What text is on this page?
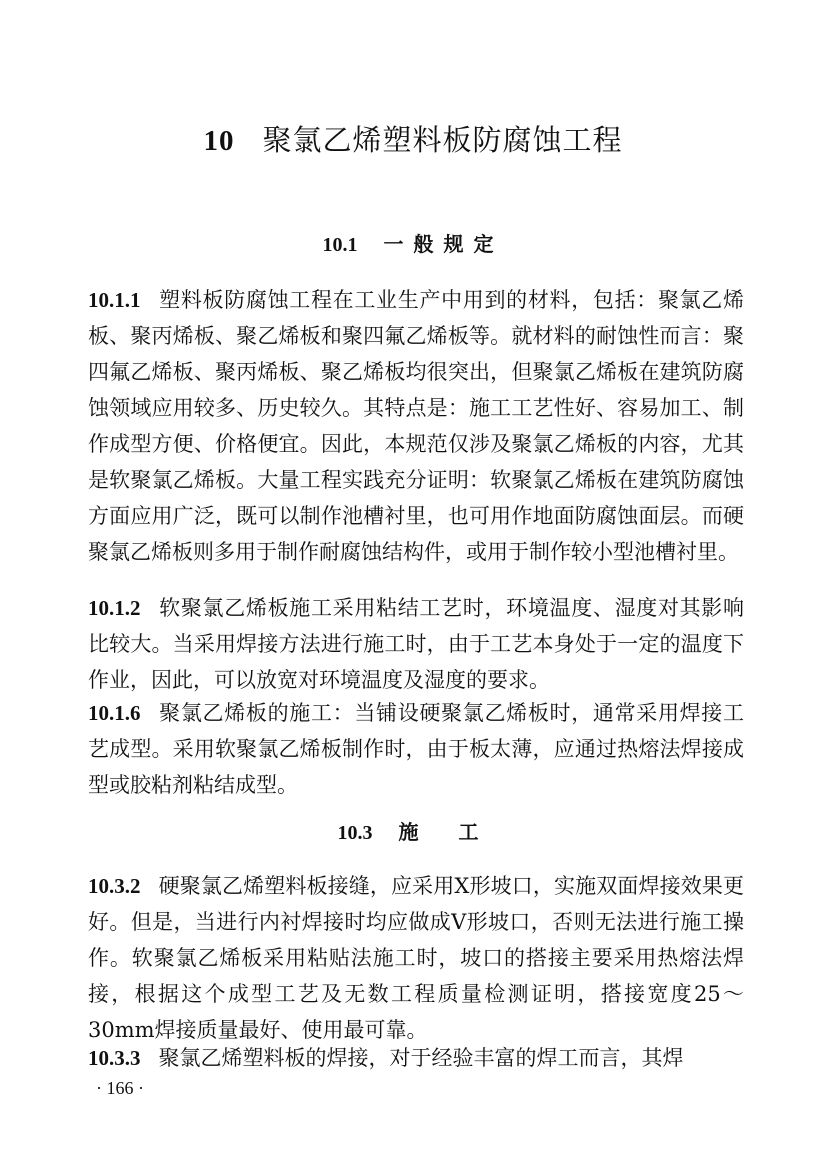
10 聚氯乙烯塑料板防腐蚀工程
10.1 一般规定

10.1.1 塑料板防腐蚀工程在工业生产中用到的材料，包括：聚氯乙烯板、聚丙烯板、聚乙烯板和聚四氟乙烯板等。就材料的耐蚀性而言：聚四氟乙烯板、聚丙烯板、聚乙烯板均很突出，但聚氯乙烯板在建筑防腐蚀领域应用较多、历史较久。其特点是：施工工艺性好、容易加工、制作成型方便、价格便宜。因此，本规范仅涉及聚氯乙烯板的内容，尤其是软聚氯乙烯板。大量工程实践充分证明：软聚氯乙烯板在建筑防腐蚀方面应用广泛，既可以制作池槽衬里，也可用作地面防腐蚀面层。而硬聚氯乙烯板则多用于制作耐腐蚀结构件，或用于制作较小型池槽衬里。

10.1.2 软聚氯乙烯板施工采用粘结工艺时，环境温度、湿度对其影响比较大。当采用焊接方法进行施工时，由于工艺本身处于一定的温度下作业，因此，可以放宽对环境温度及湿度的要求。

10.1.6 聚氯乙烯板的施工：当铺设硬聚氯乙烯板时，通常采用焊接工艺成型。采用软聚氯乙烯板制作时，由于板太薄，应通过热熔法焊接成型或胶粘剂粘结成型。

10.3 施　工

10.3.2 硬聚氯乙烯塑料板接缝，应采用X形坡口，实施双面焊接效果更好。但是，当进行内衬焊接时均应做成V形坡口，否则无法进行施工操作。软聚氯乙烯板采用粘贴法施工时，坡口的搭接主要采用热熔法焊接，根据这个成型工艺及无数工程质量检测证明，搭接宽度25～30mm焊接质量最好、使用最可靠。

10.3.3 聚氯乙烯塑料板的焊接，对于经验丰富的焊工而言，其焊

· 166 ·
